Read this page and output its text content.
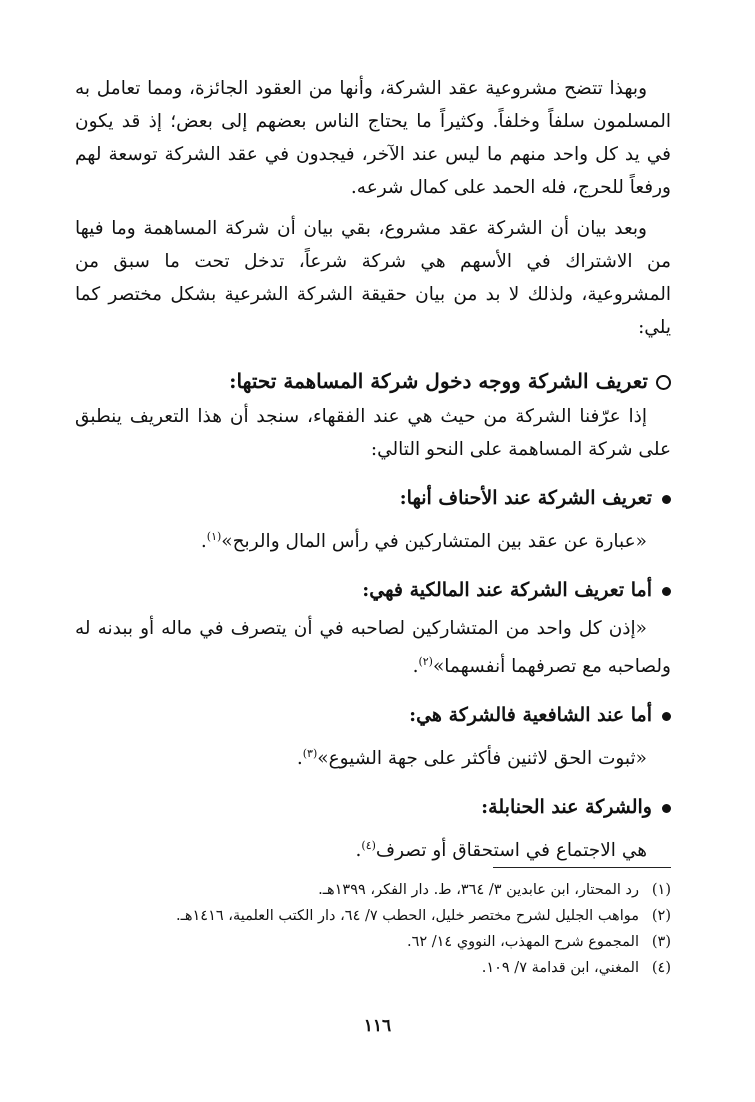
وبهذا تتضح مشروعية عقد الشركة، وأنها من العقود الجائزة، ومما تعامل به المسلمون سلفاً وخلفاً. وكثيراً ما يحتاج الناس بعضهم إلى بعض؛ إذ قد يكون في يد كل واحد منهم ما ليس عند الآخر، فيجدون في عقد الشركة توسعة لهم ورفعاً للحرج، فله الحمد على كمال شرعه.

وبعد بيان أن الشركة عقد مشروع، بقي بيان أن شركة المساهمة وما فيها من الاشتراك في الأسهم هي شركة شرعاً، تدخل تحت ما سبق من المشروعية، ولذلك لا بد من بيان حقيقة الشركة الشرعية بشكل مختصر كما يلي:

تعريف الشركة ووجه دخول شركة المساهمة تحتها:

إذا عرّفنا الشركة من حيث هي عند الفقهاء، سنجد أن هذا التعريف ينطبق على شركة المساهمة على النحو التالي:

تعريف الشركة عند الأحناف أنها:

«عبارة عن عقد بين المتشاركين في رأس المال والربح»$^{(١)}$.

أما تعريف الشركة عند المالكية فهي:

«إذن كل واحد من المتشاركين لصاحبه في أن يتصرف في ماله أو ببدنه له ولصاحبه مع تصرفهما أنفسهما»$^{(٢)}$.

أما عند الشافعية فالشركة هي:

«ثبوت الحق لاثنين فأكثر على جهة الشيوع»$^{(٣)}$.

والشركة عند الحنابلة:

هي الاجتماع في استحقاق أو تصرف$^{(٤)}$.

(١)
رد المحتار، ابن عابدين ٣/ ٣٦٤، ط. دار الفكر، ١٣٩٩هـ.
(٢)
مواهب الجليل لشرح مختصر خليل، الحطب ٧/ ٦٤، دار الكتب العلمية، ١٤١٦هـ.
(٣)
المجموع شرح المهذب، النووي ١٤/ ٦٢.
(٤)
المغني، ابن قدامة ٧/ ١٠٩.
١١٦
